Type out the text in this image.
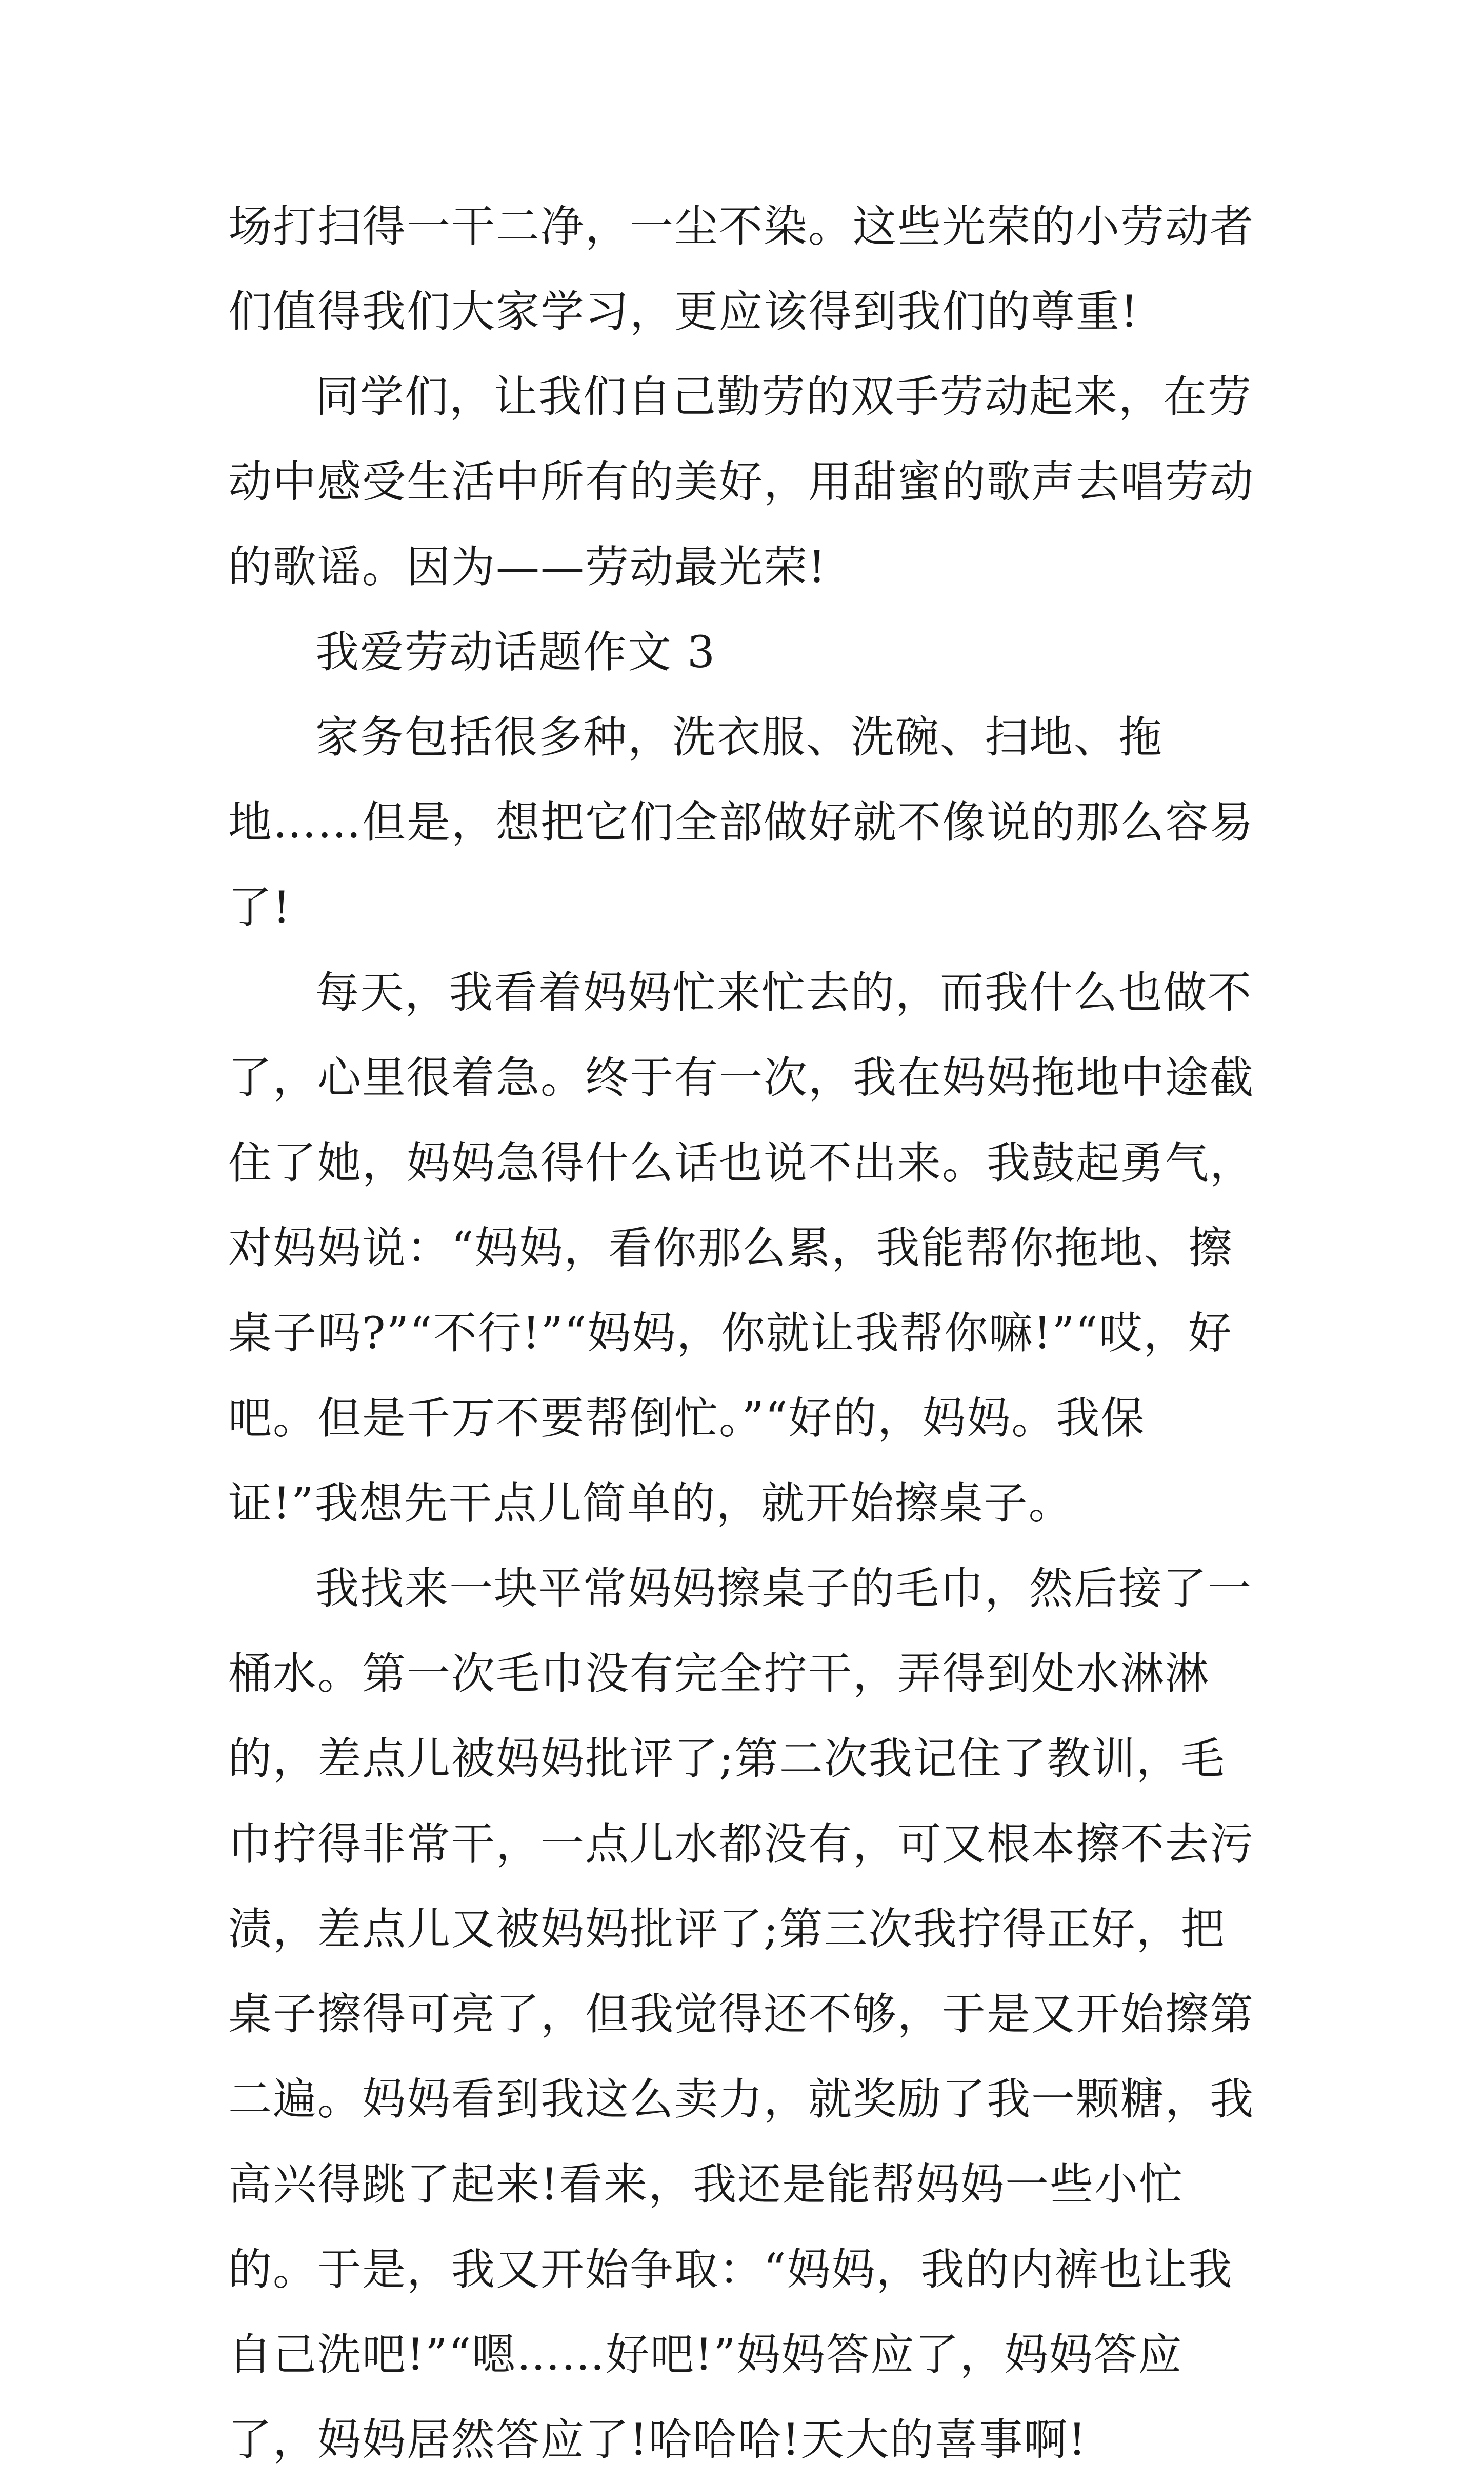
场打扫得一干二净，一尘不染。这些光荣的小劳动者们值得我们大家学习，更应该得到我们的尊重!

同学们，让我们自己勤劳的双手劳动起来，在劳动中感受生活中所有的美好，用甜蜜的歌声去唱劳动的歌谣。因为——劳动最光荣!

我爱劳动话题作文 3

家务包括很多种，洗衣服、洗碗、扫地、拖地……但是，想把它们全部做好就不像说的那么容易了!

每天，我看着妈妈忙来忙去的，而我什么也做不了，心里很着急。终于有一次，我在妈妈拖地中途截住了她，妈妈急得什么话也说不出来。我鼓起勇气，对妈妈说：“妈妈，看你那么累，我能帮你拖地、擦桌子吗?”“不行!”“妈妈，你就让我帮你嘛!”“哎，好吧。但是千万不要帮倒忙。”“好的，妈妈。我保证!”我想先干点儿简单的，就开始擦桌子。

我找来一块平常妈妈擦桌子的毛巾，然后接了一桶水。第一次毛巾没有完全拧干，弄得到处水淋淋的，差点儿被妈妈批评了;第二次我记住了教训，毛巾拧得非常干，一点儿水都没有，可又根本擦不去污渍，差点儿又被妈妈批评了;第三次我拧得正好，把桌子擦得可亮了，但我觉得还不够，于是又开始擦第二遍。妈妈看到我这么卖力，就奖励了我一颗糖，我高兴得跳了起来!看来，我还是能帮妈妈一些小忙的。于是，我又开始争取：“妈妈，我的内裤也让我自己洗吧!”“嗯……好吧!”妈妈答应了，妈妈答应了，妈妈居然答应了!哈哈哈!天大的喜事啊!
